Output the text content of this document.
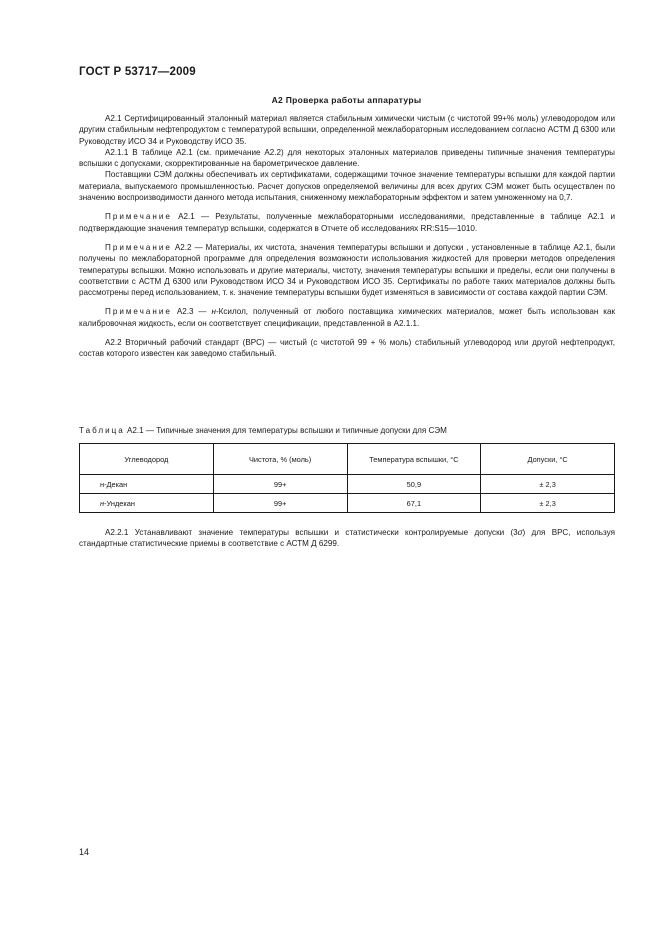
ГОСТ Р 53717—2009
А2 Проверка работы аппаратуры

А2.1 Сертифицированный эталонный материал является стабильным химически чистым (с чистотой 99+% моль) углеводородом или другим стабильным нефтепродуктом с температурой вспышки, определенной межлабораторным исследованием согласно АСТМ Д 6300 или Руководству ИСО 34 и Руководству ИСО 35.

А2.1.1 В таблице А2.1 (см. примечание А2.2) для некоторых эталонных материалов приведены типичные значения температуры вспышки с допусками, скорректированные на барометрическое давление.

Поставщики СЭМ должны обеспечивать их сертификатами, содержащими точное значение температуры вспышки для каждой партии материала, выпускаемого промышленностью. Расчет допусков определяемой величины для всех других СЭМ может быть осуществлен по значению воспроизводимости данного метода испытания, сниженному межлабораторным эффектом и затем умноженному на 0,7.

Примечание А2.1 — Результаты, полученные межлабораторными исследованиями, представленные в таблице А2.1 и подтверждающие значения температур вспышки, содержатся в Отчете об исследованиях RR:S15—1010.

Примечание А2.2 — Материалы, их чистота, значения температуры вспышки и допуски , установленные в таблице А2.1, были получены по межлабораторной программе для определения возможности использования жидкостей для проверки методов определения температуры вспышки. Можно использовать и другие материалы, чистоту, значения температуры вспышки и пределы, если они получены в соответствии с АСТМ Д 6300 или Руководством ИСО 34 и Руководством ИСО 35. Сертификаты по работе таких материалов должны быть рассмотрены перед использованием, т. к. значение температуры вспышки будет изменяться в зависимости от состава каждой партии СЭМ.

Примечание А2.3 — н-Ксилол, полученный от любого поставщика химических материалов, может быть использован как калибровочная жидкость, если он соответствует спецификации, представленной в А2.1.1.

А2.2 Вторичный рабочий стандарт (ВРС) — чистый (с чистотой 99 + % моль) стабильный углеводород или другой нефтепродукт, состав которого известен как заведомо стабильный.

Таблица А2.1 — Типичные значения для температуры вспышки и типичные допуски для СЭМ
Углеводород	Чистота, % (моль)	Температура вспышки, °С	Допуски, °С
н-Декан	99+	50,9	± 2,3
н-Ундекан	99+	67,1	± 2,3

А2.2.1 Устанавливают значение температуры вспышки и статистически контролируемые допуски (3σ) для ВРС, используя стандартные статистические приемы в соответствие с АСТМ Д 6299.

14
